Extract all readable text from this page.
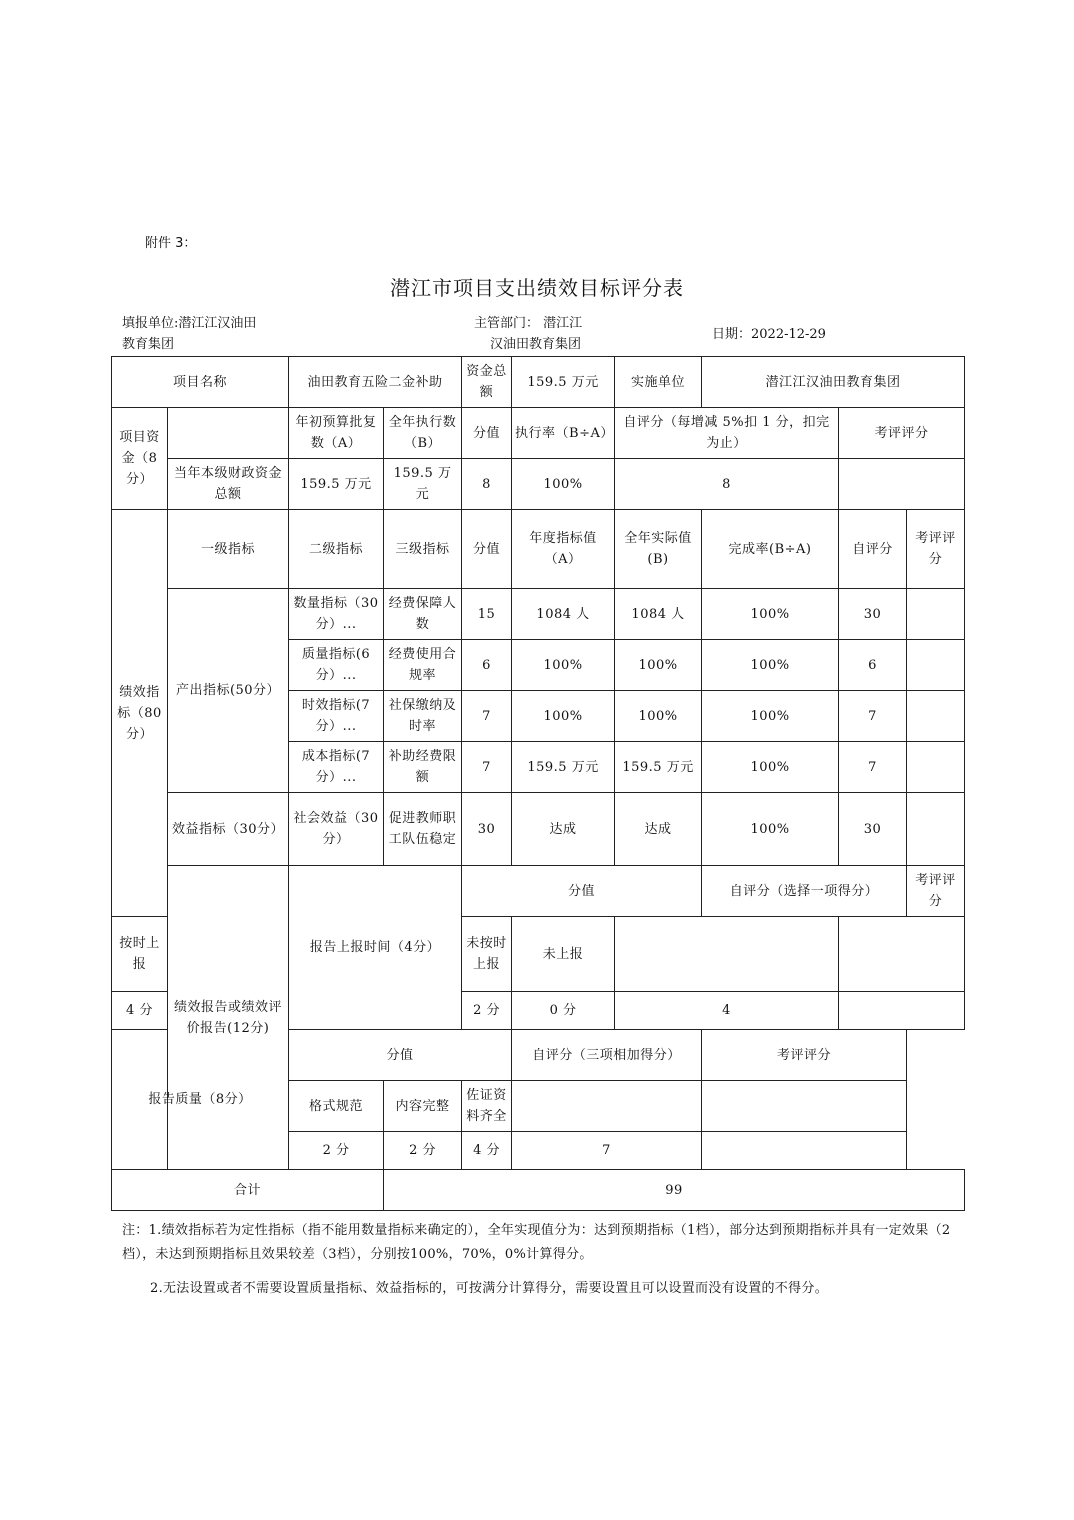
附件 3：
潜江市项目支出绩效目标评分表
填报单位:潜江江汉油田
教育集团
主管部门： 潜江江
汉油田教育集团
日期：2022-12-29
项目名称		油田教育五险二金补助		资金总额	159.5 万元	实施单位	潜江江汉油田教育集团			
项目资金（8分）		年初预算批复数（A）	全年执行数（B）	分值	执行率（B÷A）	自评分（每增减 5%扣 1 分，扣完为止）		考评评分		
	当年本级财政资金总额	159.5 万元	159.5 万元	8	100%	8				
绩效指标（80分）	一级指标	二级指标	三级指标	分值	年度指标值（A）	全年实际值(B)	完成率(B÷A)	自评分	考评评分	
	产出指标(50分）	数量指标（30分）...	经费保障人数	15	1084 人	1084 人	100%	30		
		质量指标(6分）...	经费使用合规率	6	100%	100%	100%	6		
		时效指标(7分）...	社保缴纳及时率	7	100%	100%	100%	7		
		成本指标(7分）...	补助经费限额	7	159.5 万元	159.5 万元	100%	7		
	效益指标（30分）	社会效益（30分）	促进教师职工队伍稳定	30	达成	达成	100%	30		
	绩效报告或绩效评价报告(12分)	报告上报时间（4分）		分值			自评分（选择一项得分）		考评评分	
按时上报				未按时上报	未上报					
4 分				2 分	0 分	4				
报告质量（8分）		分值			自评分（三项相加得分）		考评评分			
		格式规范	内容完整	佐证资料齐全						
		2 分	2 分	4 分	7					
合计			99							
注：1.绩效指标若为定性指标（指不能用数量指标来确定的），全年实现值分为：达到预期指标（1档），部分达到预期指标并具有一定效果（2档），未达到预期指标且效果较差（3档），分别按100%，70%，0%计算得分。
2.无法设置或者不需要设置质量指标、效益指标的，可按满分计算得分，需要设置且可以设置而没有设置的不得分。
